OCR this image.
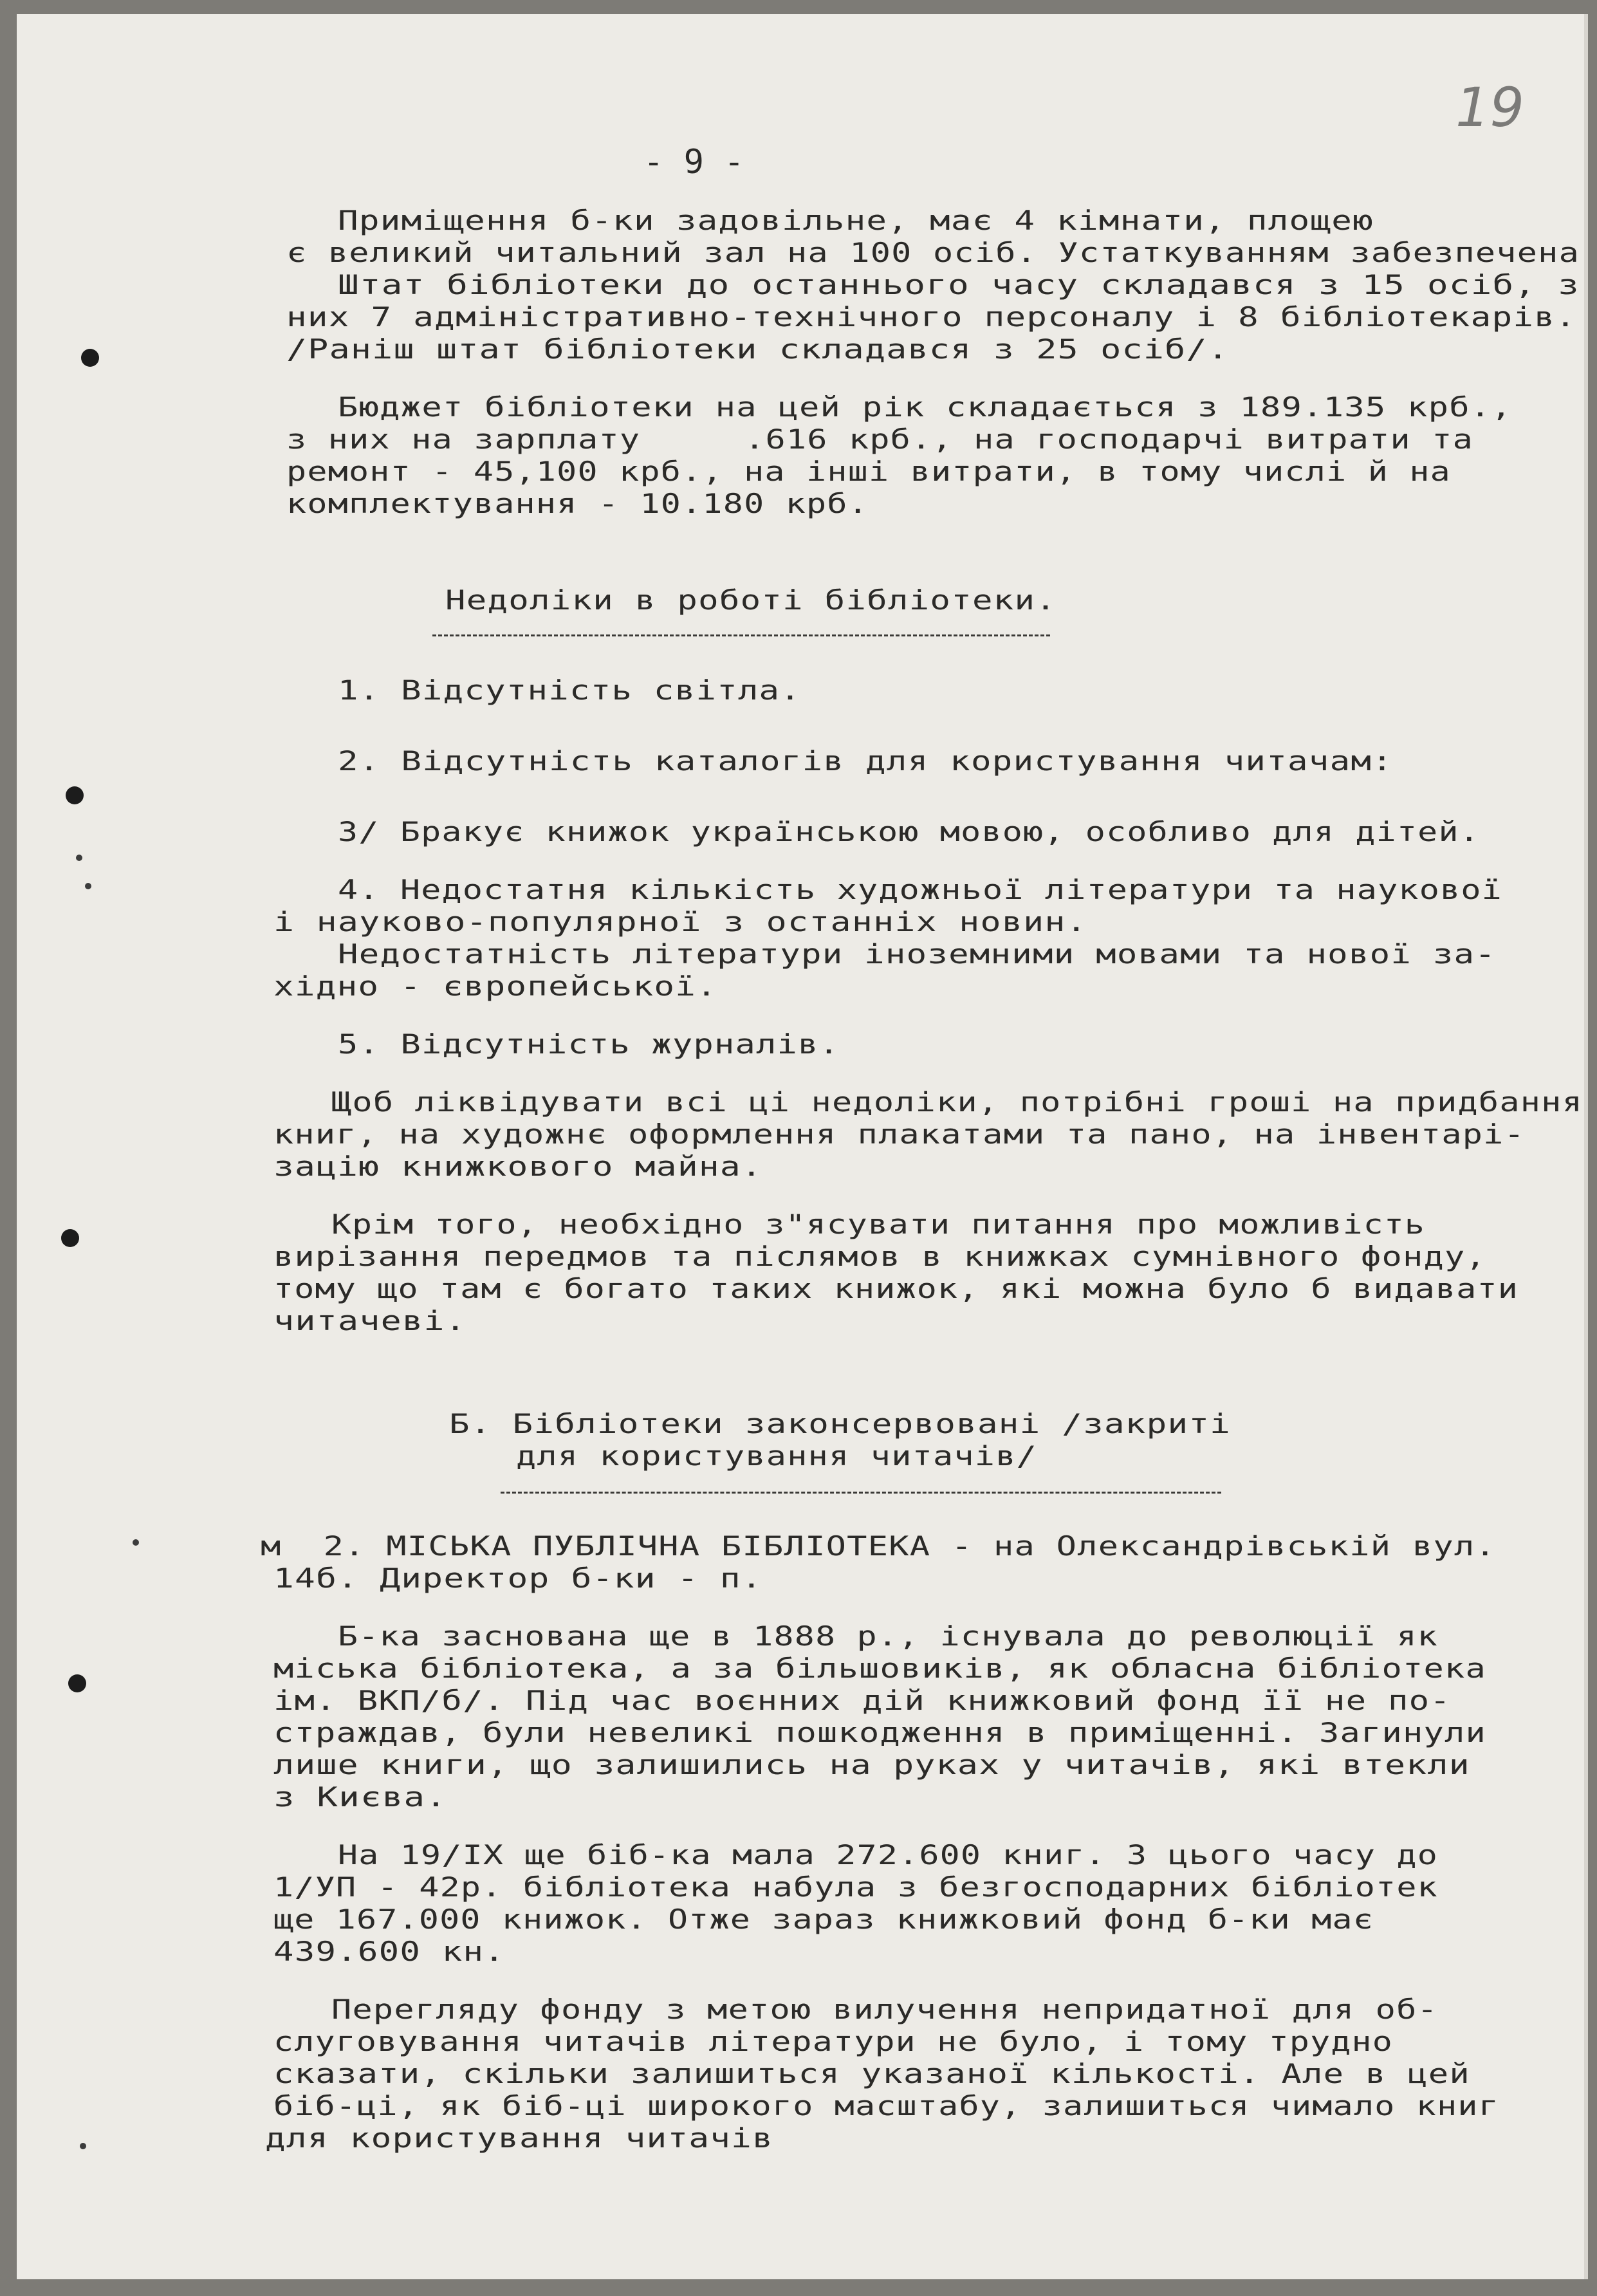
19
- 9 -
Приміщення б-ки задовільне, має 4 кімнати, площею
є великий читальний зал на 100 осіб. Устаткуванням забезпечена
Штат бібліотеки до останнього часу складався з 15 осіб, з
них 7 адміністративно-технічного персоналу і 8 бібліотекарів.
/Раніш штат бібліотеки складався з 25 осіб/.
Бюджет бібліотеки на цей рік складається з 189.135 крб.,
з них на зарплату     .616 крб., на господарчі витрати та
ремонт - 45,100 крб., на інші витрати, в тому числі й на
комплектування - 10.180 крб.
Недоліки в роботі бібліотеки.
1. Відсутність світла.
2. Відсутність каталогів для користування читачам:
3/ Бракує книжок українською мовою, особливо для дітей.
4. Недостатня кількість художньої літератури та наукової
і науково-популярної з останніх новин.
Недостатність літератури іноземними мовами та нової за-
хідно - європейської.
5. Відсутність журналів.
Щоб ліквідувати всі ці недоліки, потрібні гроші на придбання
книг, на художнє оформлення плакатами та пано, на інвентарі-
зацію книжкового майна.
Крім того, необхідно з"ясувати питання про можливість
вирізання передмов та післямов в книжках сумнівного фонду,
тому що там є богато таких книжок, які можна було б видавати
читачеві.
Б. Бібліотеки законсервовані /закриті
для користування читачів/
м  2. МІСЬКА ПУБЛІЧНА БІБЛІОТЕКА - на Олександрівській вул.
14б. Директор б-ки - п.
Б-ка заснована ще в 1888 р., існувала до революції як
міська бібліотека, а за більшовиків, як обласна бібліотека
ім. ВКП/б/. Під час воєнних дій книжковий фонд її не по-
страждав, були невеликі пошкодження в приміщенні. Загинули
лише книги, що залишились на руках у читачів, які втекли
з Києва.
На 19/IX ще біб-ка мала 272.600 книг. З цього часу до
1/УП - 42р. бібліотека набула з безгосподарних бібліотек
ще 167.000 книжок. Отже зараз книжковий фонд б-ки має
439.600 кн.
Перегляду фонду з метою вилучення непридатної для об-
слуговування читачів літератури не було, і тому трудно
сказати, скільки залишиться указаної кількості. Але в цей
біб-ці, як біб-ці широкого масштабу, залишиться чимало книг
для користування читачів
